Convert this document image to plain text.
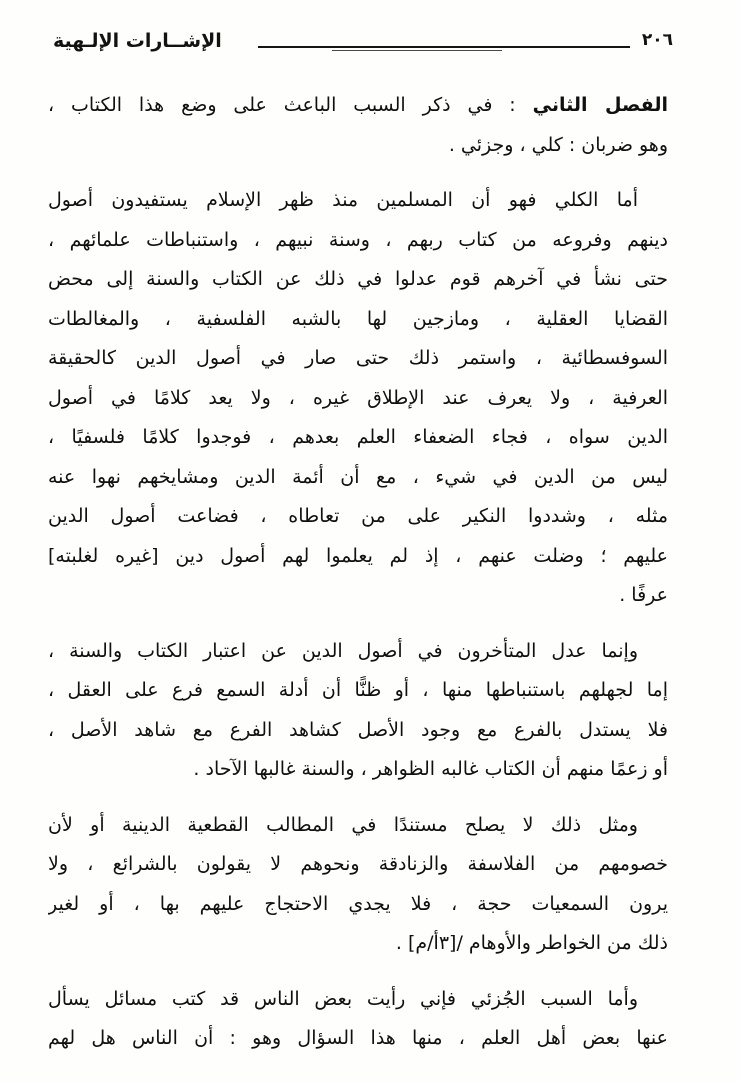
الإشــارات الإلـهية	٢٠٦
الفصل الثاني : في ذكر السبب الباعث على وضع هذا الكتاب ،
وهو ضربان : كلي ، وجزئي .
أما الكلي فهو أن المسلمين منذ ظهر الإسلام يستفيدون أصول
دينهم وفروعه من كتاب ربهم ، وسنة نبيهم ، واستنباطات علمائهم ،
حتى نشأ في آخرهم قوم عدلوا في ذلك عن الكتاب والسنة إلى محض
القضايا العقلية ، ومازجين لها بالشبه الفلسفية ، والمغالطات
السوفسطائية ، واستمر ذلك حتى صار في أصول الدين كالحقيقة
العرفية ، ولا يعرف عند الإطلاق غيره ، ولا يعد كلامًا في أصول
الدين سواه ، فجاء الضعفاء العلم بعدهم ، فوجدوا كلامًا فلسفيًا ،
ليس من الدين في شيء ، مع أن أئمة الدين ومشايخهم نهوا عنه
مثله ، وشددوا النكير على من تعاطاه ، فضاعت أصول الدين
عليهم ؛ وضلت عنهم ، إذ لم يعلموا لهم أصول دين [غيره لغلبته]
عرفًا .
وإنما عدل المتأخرون في أصول الدين عن اعتبار الكتاب والسنة ،
إما لجهلهم باستنباطها منها ، أو ظنًّا أن أدلة السمع فرع على العقل ،
فلا يستدل بالفرع مع وجود الأصل كشاهد الفرع مع شاهد الأصل ،
أو زعمًا منهم أن الكتاب غالبه الظواهر ، والسنة غالبها الآحاد .
ومثل ذلك لا يصلح مستندًا في المطالب القطعية الدينية أو لأن
خصومهم من الفلاسفة والزنادقة ونحوهم لا يقولون بالشرائع ، ولا
يرون السمعيات حجة ، فلا يجدي الاحتجاج عليهم بها ، أو لغير
ذلك من الخواطر والأوهام /[٣أ/م] .
وأما السبب الجُزئي فإني رأيت بعض الناس قد كتب مسائل يسأل
عنها بعض أهل العلم ، منها هذا السؤال وهو : أن الناس هل لهم
